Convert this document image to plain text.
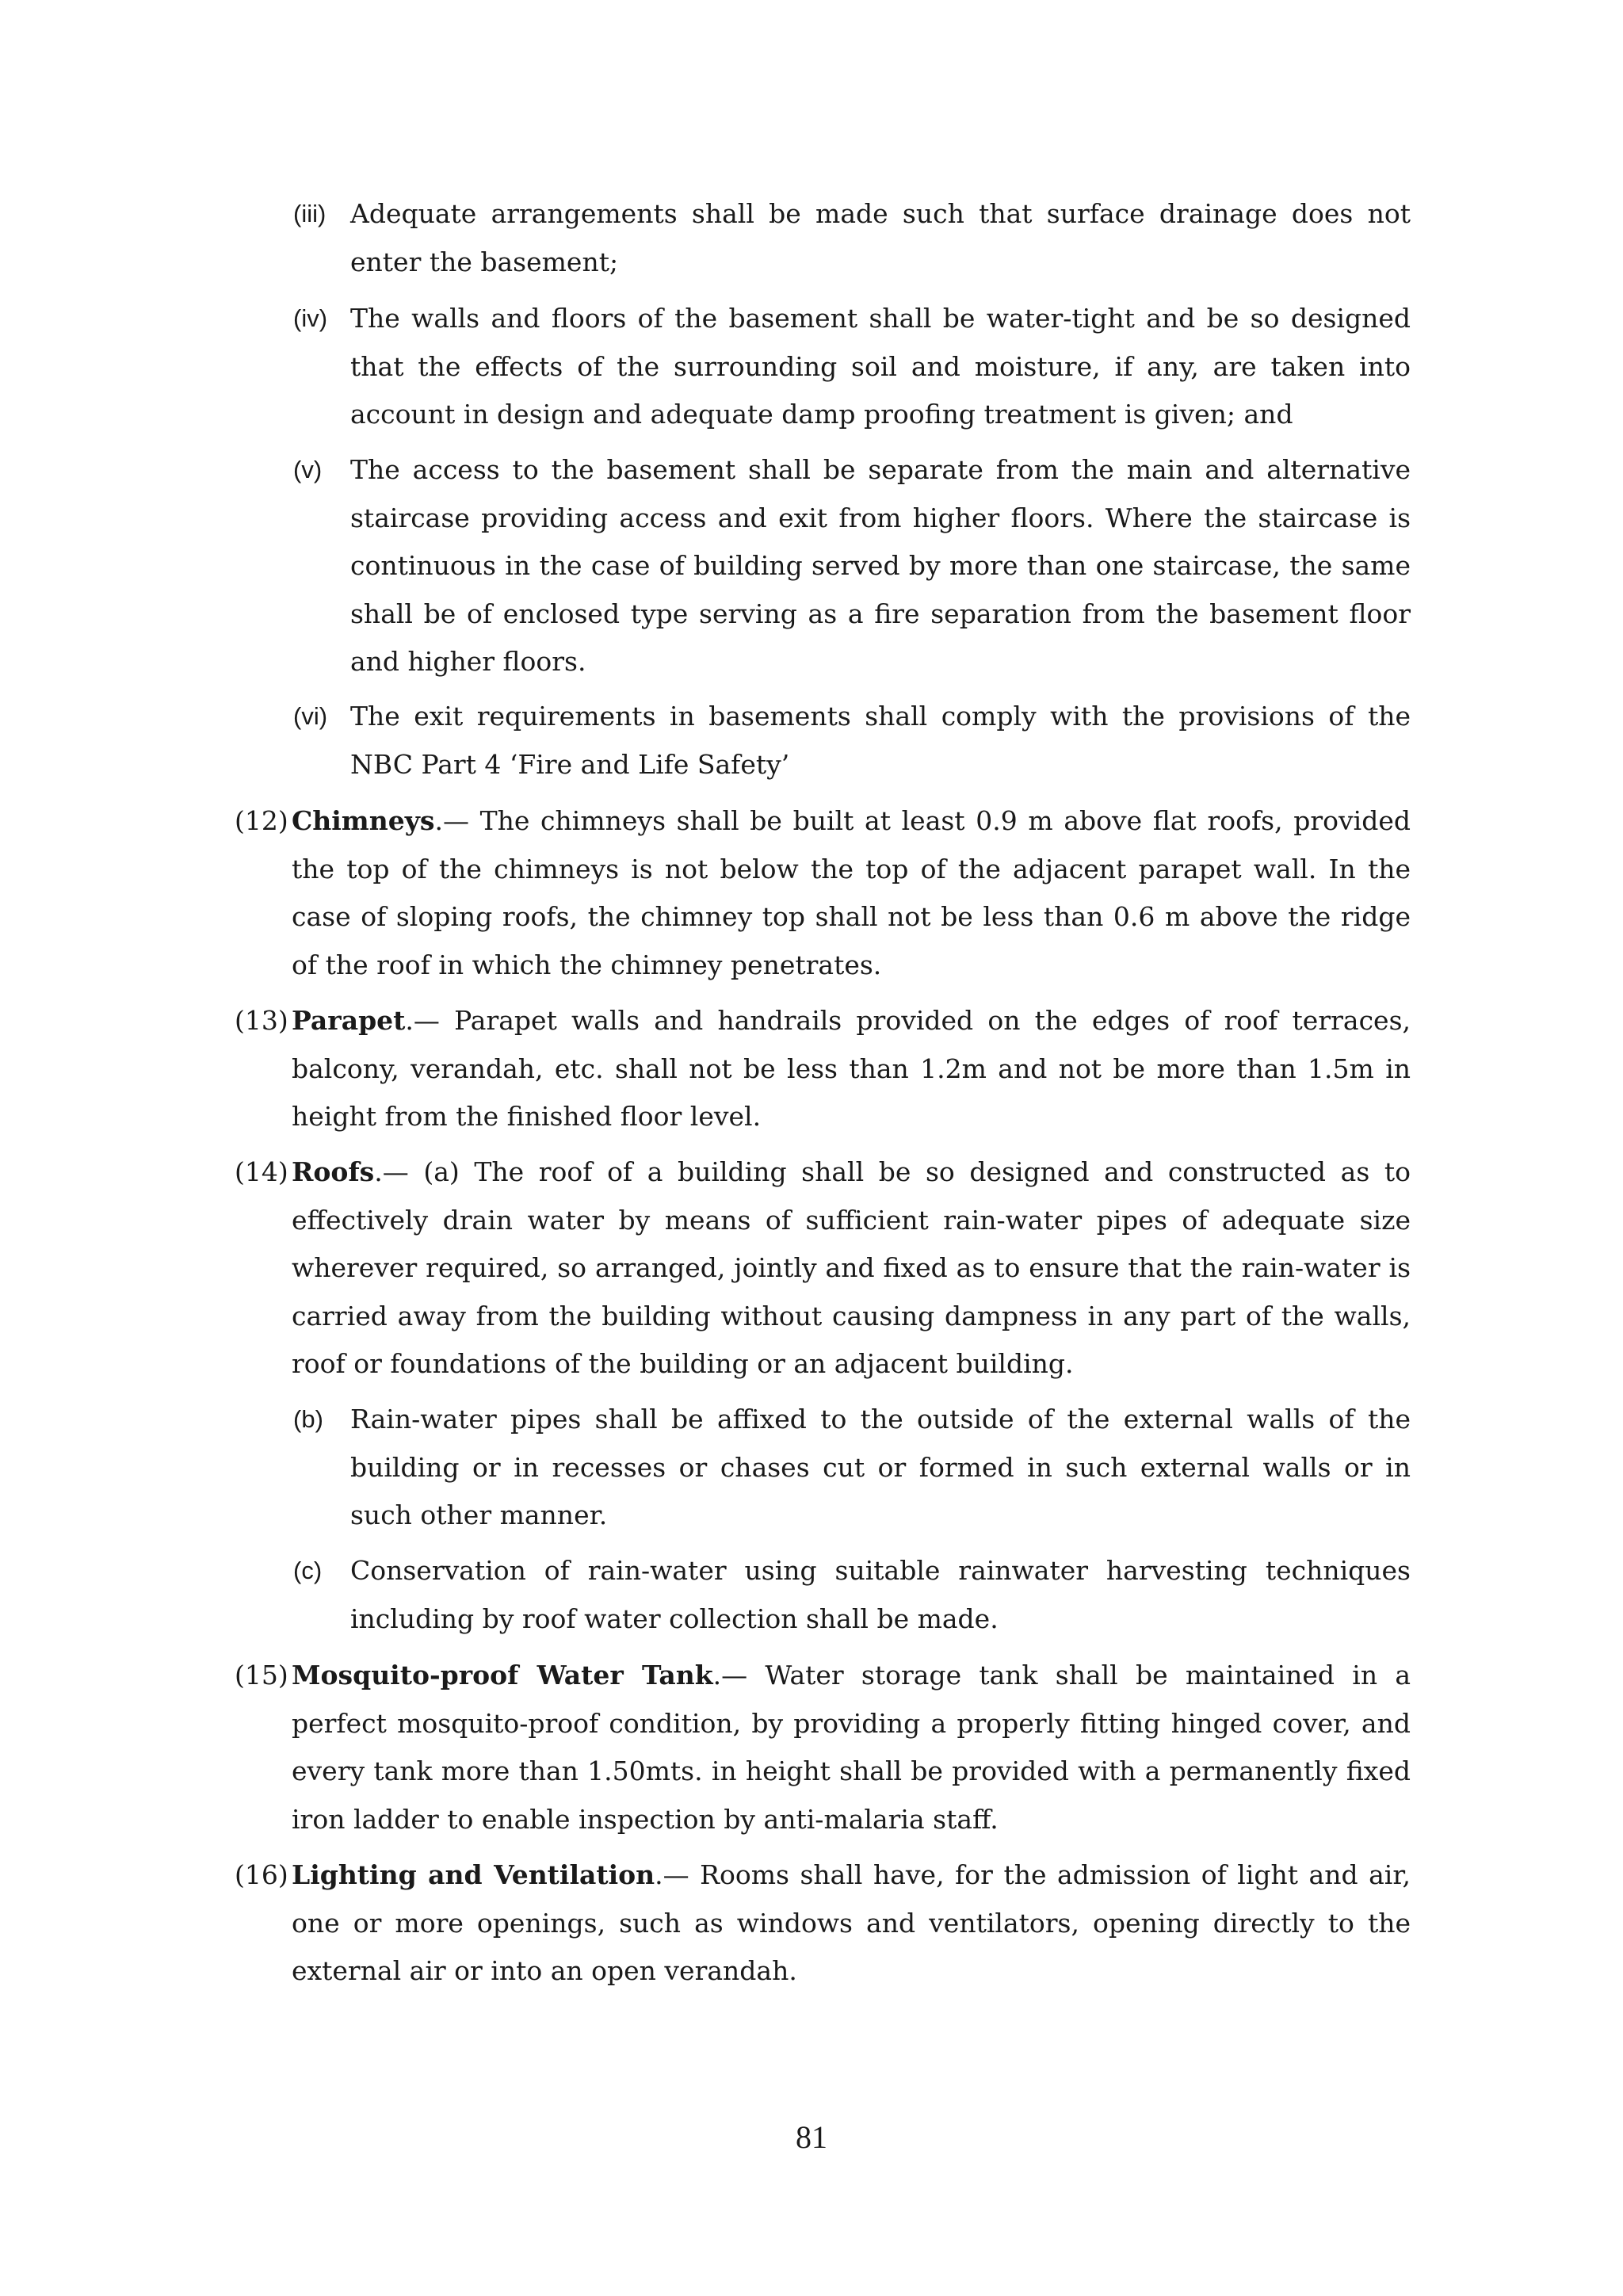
(iii) Adequate arrangements shall be made such that surface drainage does not enter the basement;
(iv) The walls and floors of the basement shall be water-tight and be so designed that the effects of the surrounding soil and moisture, if any, are taken into account in design and adequate damp proofing treatment is given; and
(v)	The access to the basement shall be separate from the main and alternative staircase providing access and exit from higher floors. Where the staircase is continuous in the case of building served by more than one staircase, the same shall be of enclosed type serving as a fire separation from the basement floor and higher floors.
(vi) The exit requirements in basements shall comply with the provisions of the NBC Part 4 ‘Fire and Life Safety’
(12) Chimneys.— The chimneys shall be built at least 0.9 m above flat roofs, provided the top of the chimneys is not below the top of the adjacent parapet wall. In the case of sloping roofs, the chimney top shall not be less than 0.6 m above the ridge of the roof in which the chimney penetrates.
(13) Parapet.— Parapet walls and handrails provided on the edges of roof terraces, balcony, verandah, etc. shall not be less than 1.2m and not be more than 1.5m in height from the finished floor level.
(14) Roofs.— (a) The roof of a building shall be so designed and constructed as to effectively drain water by means of sufficient rain-water pipes of adequate size wherever required, so arranged, jointly and fixed as to ensure that the rain-water is carried away from the building without causing dampness in any part of the walls, roof or foundations of the building or an adjacent building.
(b)	Rain-water pipes shall be affixed to the outside of the external walls of the building or in recesses or chases cut or formed in such external walls or in such other manner.
(c)	Conservation of rain-water using suitable rainwater harvesting techniques including by roof water collection shall be made.
(15) Mosquito-proof Water Tank.— Water storage tank shall be maintained in a perfect mosquito-proof condition, by providing a properly fitting hinged cover, and every tank more than 1.50mts. in height shall be provided with a permanently fixed iron ladder to enable inspection by anti-malaria staff.
(16) Lighting and Ventilation.— Rooms shall have, for the admission of light and air, one or more openings, such as windows and ventilators, opening directly to the external air or into an open verandah.
81
